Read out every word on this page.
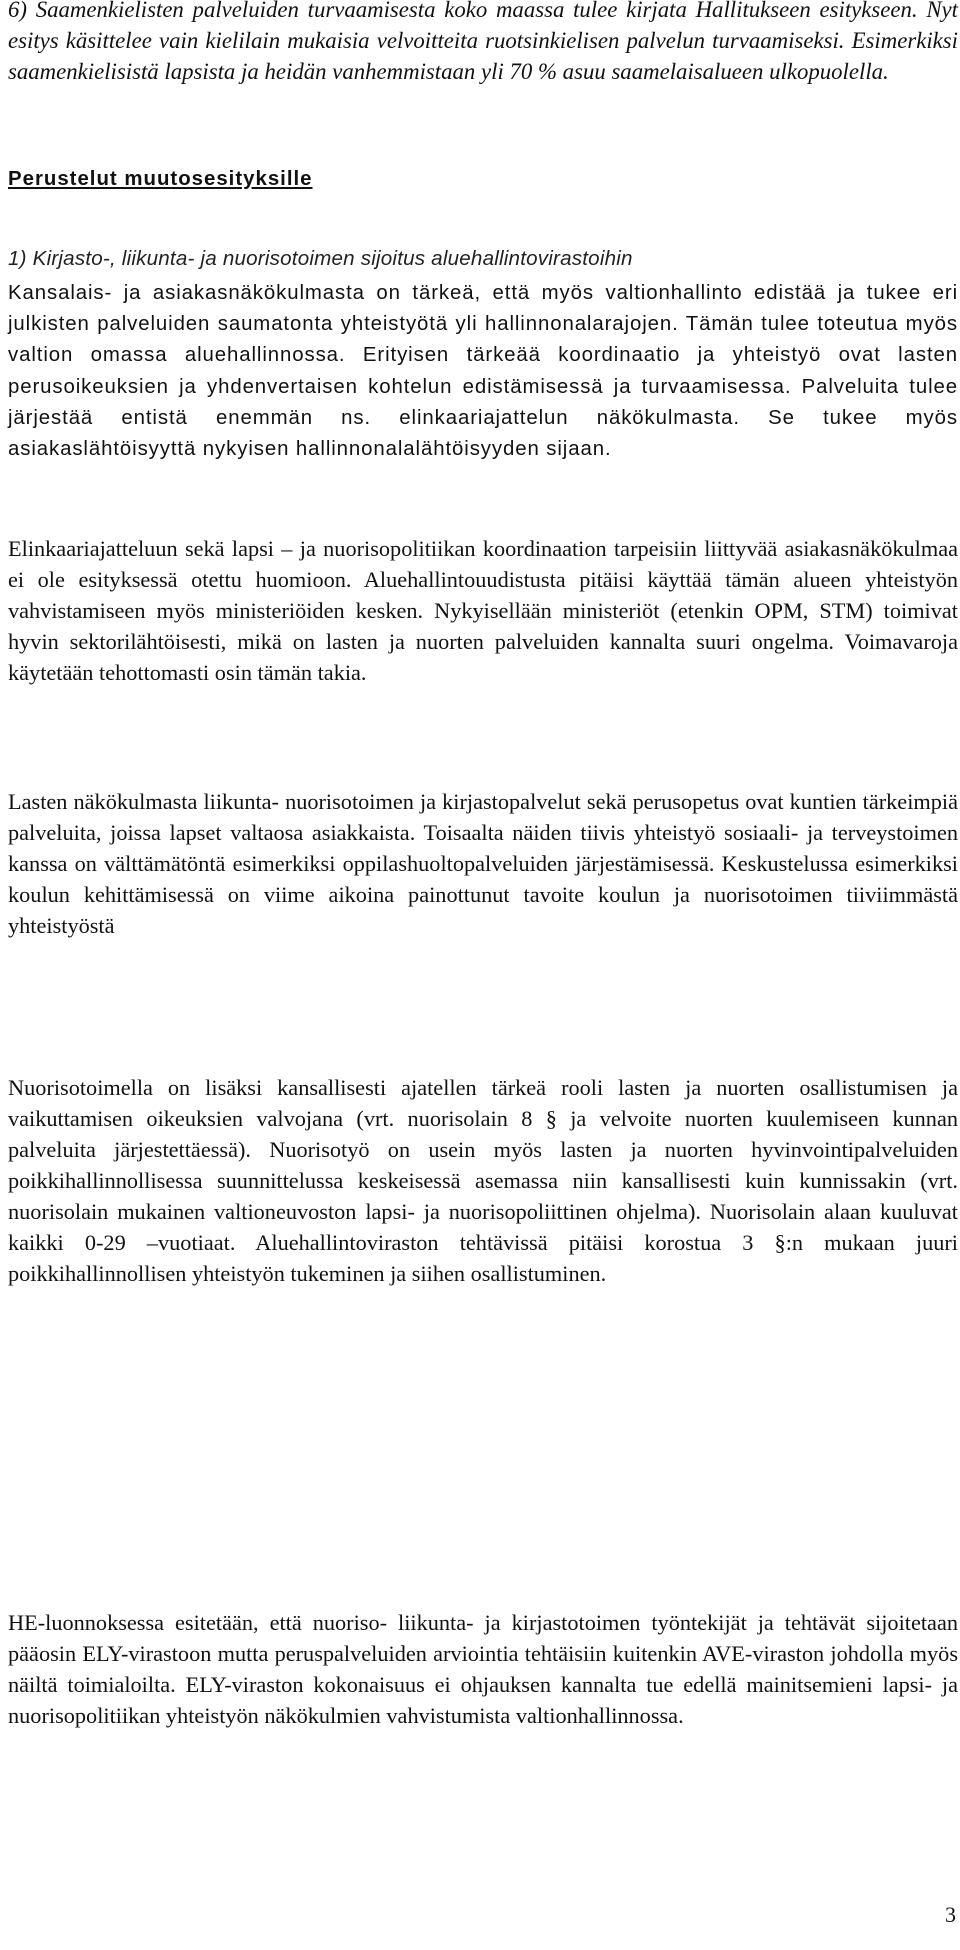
6) Saamenkielisten palveluiden turvaamisesta koko maassa tulee kirjata Hallitukseen esitykseen. Nyt esitys käsittelee vain kielilain mukaisia velvoitteita ruotsinkielisen palvelun turvaamiseksi. Esimerkiksi saamenkielisistä lapsista ja heidän vanhemmistaan yli 70 % asuu saamelaisalueen ulkopuolella.

Perustelut muutosesityksille

1) Kirjasto-, liikunta- ja nuorisotoimen sijoitus aluehallintovirastoihin

Kansalais- ja asiakasnäkökulmasta on tärkeä, että myös valtionhallinto edistää ja tukee eri julkisten palveluiden saumatonta yhteistyötä yli hallinnonalarajojen. Tämän tulee toteutua myös valtion omassa aluehallinnossa. Erityisen tärkeää koordinaatio ja yhteistyö ovat lasten perusoikeuksien ja yhdenvertaisen kohtelun edistämisessä ja turvaamisessa. Palveluita tulee järjestää entistä enemmän ns. elinkaariajattelun näkökulmasta. Se tukee myös asiakaslähtöisyyttä nykyisen hallinnonalalähtöisyyden sijaan.

Elinkaariajatteluun sekä lapsi – ja nuorisopolitiikan koordinaation tarpeisiin liittyvää asiakasnäkökulmaa ei ole esityksessä otettu huomioon. Aluehallintouudistusta pitäisi käyttää tämän alueen yhteistyön vahvistamiseen myös ministeriöiden kesken. Nykyisellään ministeriöt (etenkin OPM, STM) toimivat hyvin sektorilähtöisesti, mikä on lasten ja nuorten palveluiden kannalta suuri ongelma. Voimavaroja käytetään tehottomasti osin tämän takia.

Lasten näkökulmasta liikunta- nuorisotoimen ja kirjastopalvelut sekä perusopetus ovat kuntien tärkeimpiä palveluita, joissa lapset valtaosa asiakkaista. Toisaalta näiden tiivis yhteistyö sosiaali- ja terveystoimen kanssa on välttämätöntä esimerkiksi oppilashuoltopalveluiden järjestämisessä. Keskustelussa esimerkiksi koulun kehittämisessä on viime aikoina painottunut tavoite koulun ja nuorisotoimen tiiviimmästä yhteistyöstä

Nuorisotoimella on lisäksi kansallisesti ajatellen tärkeä rooli lasten ja nuorten osallistumisen ja vaikuttamisen oikeuksien valvojana (vrt. nuorisolain 8 § ja velvoite nuorten kuulemiseen kunnan palveluita järjestettäessä). Nuorisotyö on usein myös lasten ja nuorten hyvinvointipalveluiden poikkihallinnollisessa suunnittelussa keskeisessä asemassa niin kansallisesti kuin kunnissakin (vrt. nuorisolain mukainen valtioneuvoston lapsi- ja nuorisopoliittinen ohjelma). Nuorisolain alaan kuuluvat kaikki 0-29 –vuotiaat. Aluehallintoviraston tehtävissä pitäisi korostua 3 §:n mukaan juuri poikkihallinnollisen yhteistyön tukeminen ja siihen osallistuminen.

HE-luonnoksessa esitetään, että nuoriso- liikunta- ja kirjastotoimen työntekijät ja tehtävät sijoitetaan pääosin ELY-virastoon mutta peruspalveluiden arviointia tehtäisiin kuitenkin AVE-viraston johdolla myös näiltä toimialoilta. ELY-viraston kokonaisuus ei ohjauksen kannalta tue edellä mainitsemieni lapsi- ja nuorisopolitiikan yhteistyön näkökulmien vahvistumista valtionhallinnossa.

3
